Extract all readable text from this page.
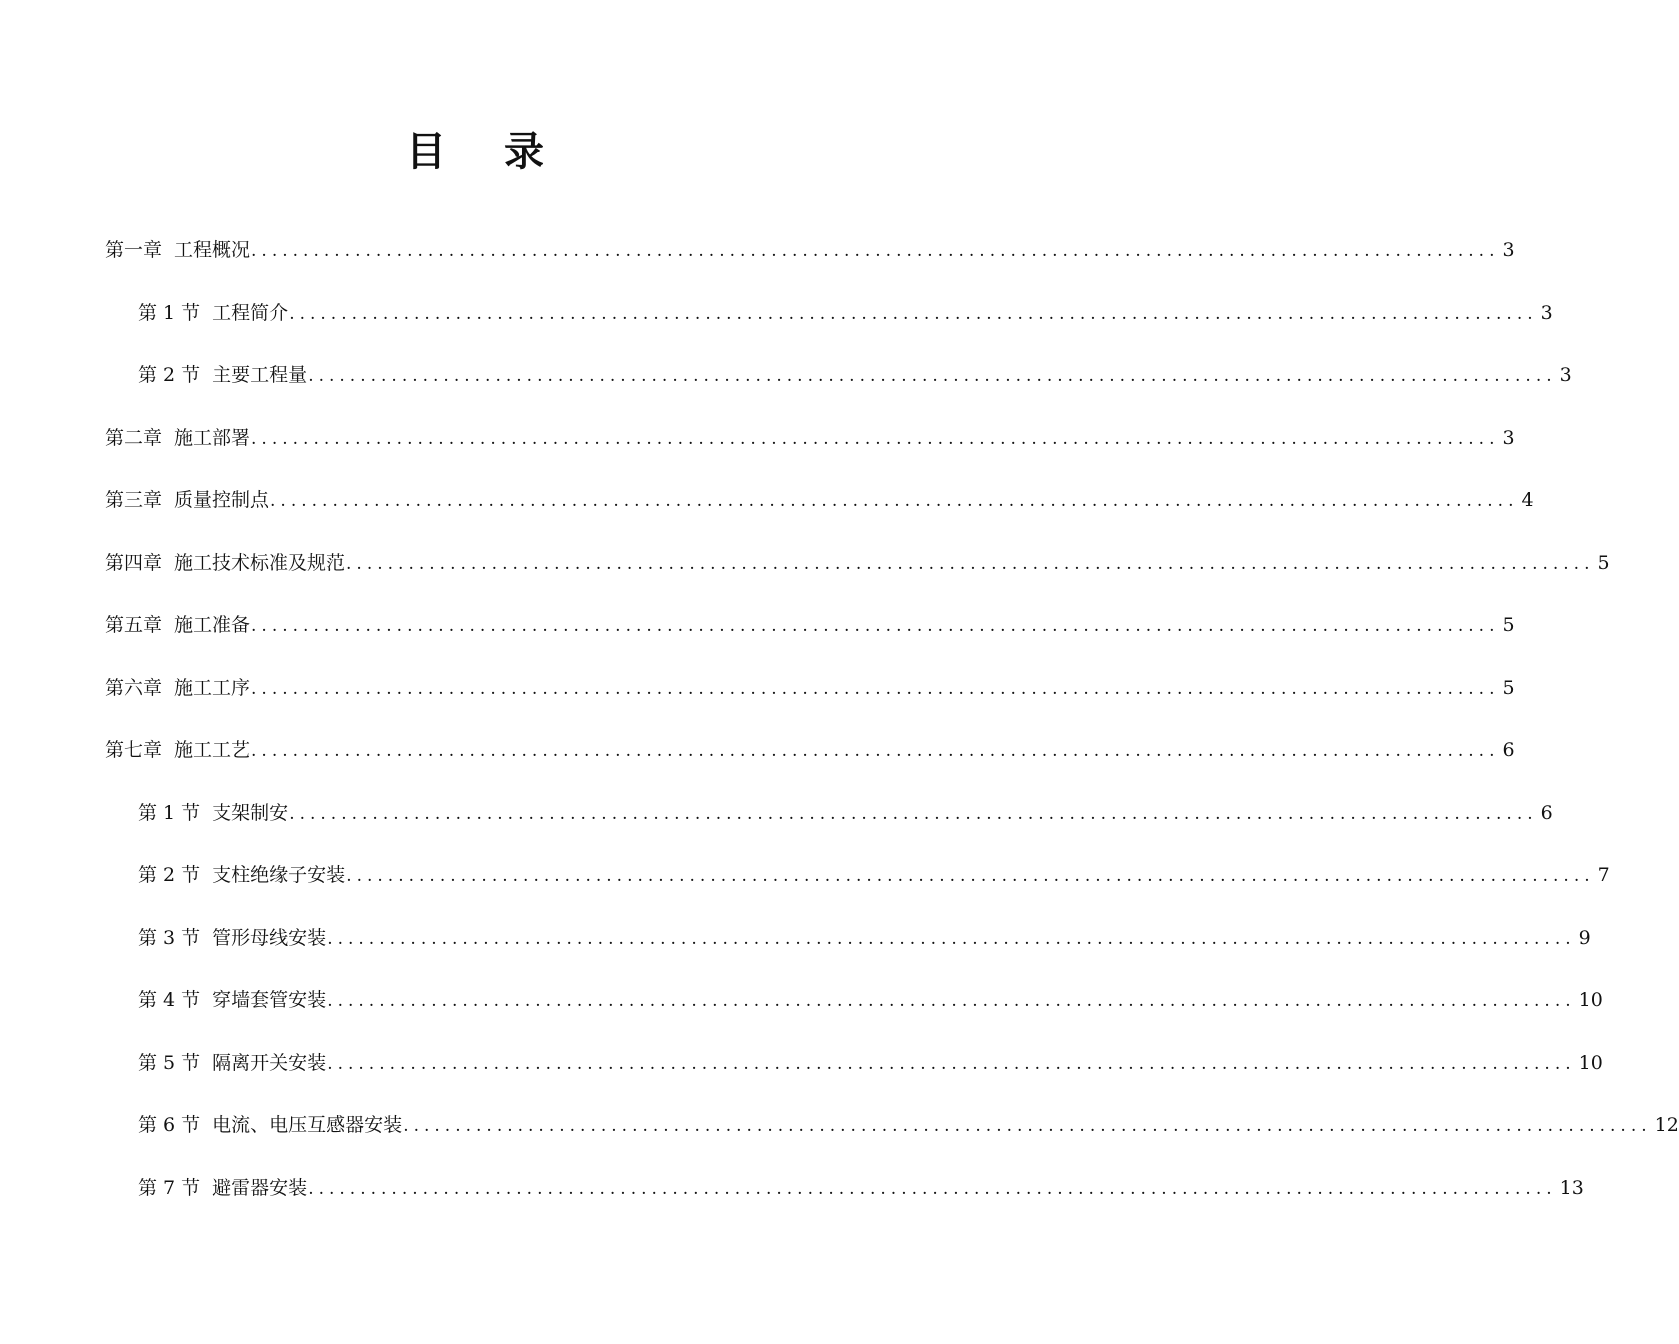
目 录
第一章 工程概况 ........................................................................................................................ 3
第 1 节 工程简介 ........................................................................................................................ 3
第 2 节 主要工程量 ........................................................................................................................ 3
第二章 施工部署 ........................................................................................................................ 3
第三章 质量控制点 ........................................................................................................................ 4
第四章 施工技术标准及规范 ........................................................................................................................ 5
第五章 施工准备 ........................................................................................................................ 5
第六章 施工工序 ........................................................................................................................ 5
第七章 施工工艺 ........................................................................................................................ 6
第 1 节 支架制安 ........................................................................................................................ 6
第 2 节 支柱绝缘子安装 ........................................................................................................................ 7
第 3 节 管形母线安装 ........................................................................................................................ 9
第 4 节 穿墙套管安装 ........................................................................................................................ 10
第 5 节 隔离开关安装 ........................................................................................................................ 10
第 6 节 电流、电压互感器安装 ........................................................................................................................ 12
第 7 节 避雷器安装 ........................................................................................................................ 13
